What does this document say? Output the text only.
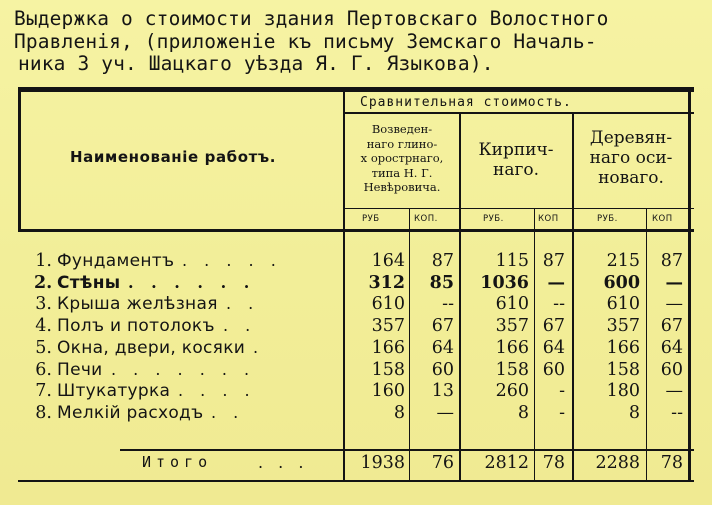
Выдержка о стоимости здания Пертовскаго Волостного
Правленія, (приложеніе къ письму Земскаго Началь-
ника 3 уч. Шацкаго уѣзда Я. Г. Языкова).
Наименованіе работъ.
Сравнительная стоимость.
Возведен-
наго глино-
х орострнаго,
типа Н. Г.
Невѣровича.
Кирпич-
наго.
Деревян-
наго оси-
новаго.
РУБ	КОП.	РУБ.	КОП	РУБ.	КОП
1. Фундаментъ . . . . .	164	87	115 87	215	87
2. Стѣны . . . . . .	312	85	1036	—	600	—
3. Крыша желѣзная . .	610	--	610	--	610	—
4. Полъ и потолокъ . .	357	67	357 67	357	67
5. Окна, двери, косяки .	166	64	166 64	166	64
6. Печи . . . . . . .	158	60	158 60	158	60
7. Штукатурка . . . .	160	13	260	-	180	—
8. Мелкій расходъ . .	8	—	8	-	8	--
Итого	. . .	1938	76	2812 78	2288	78
